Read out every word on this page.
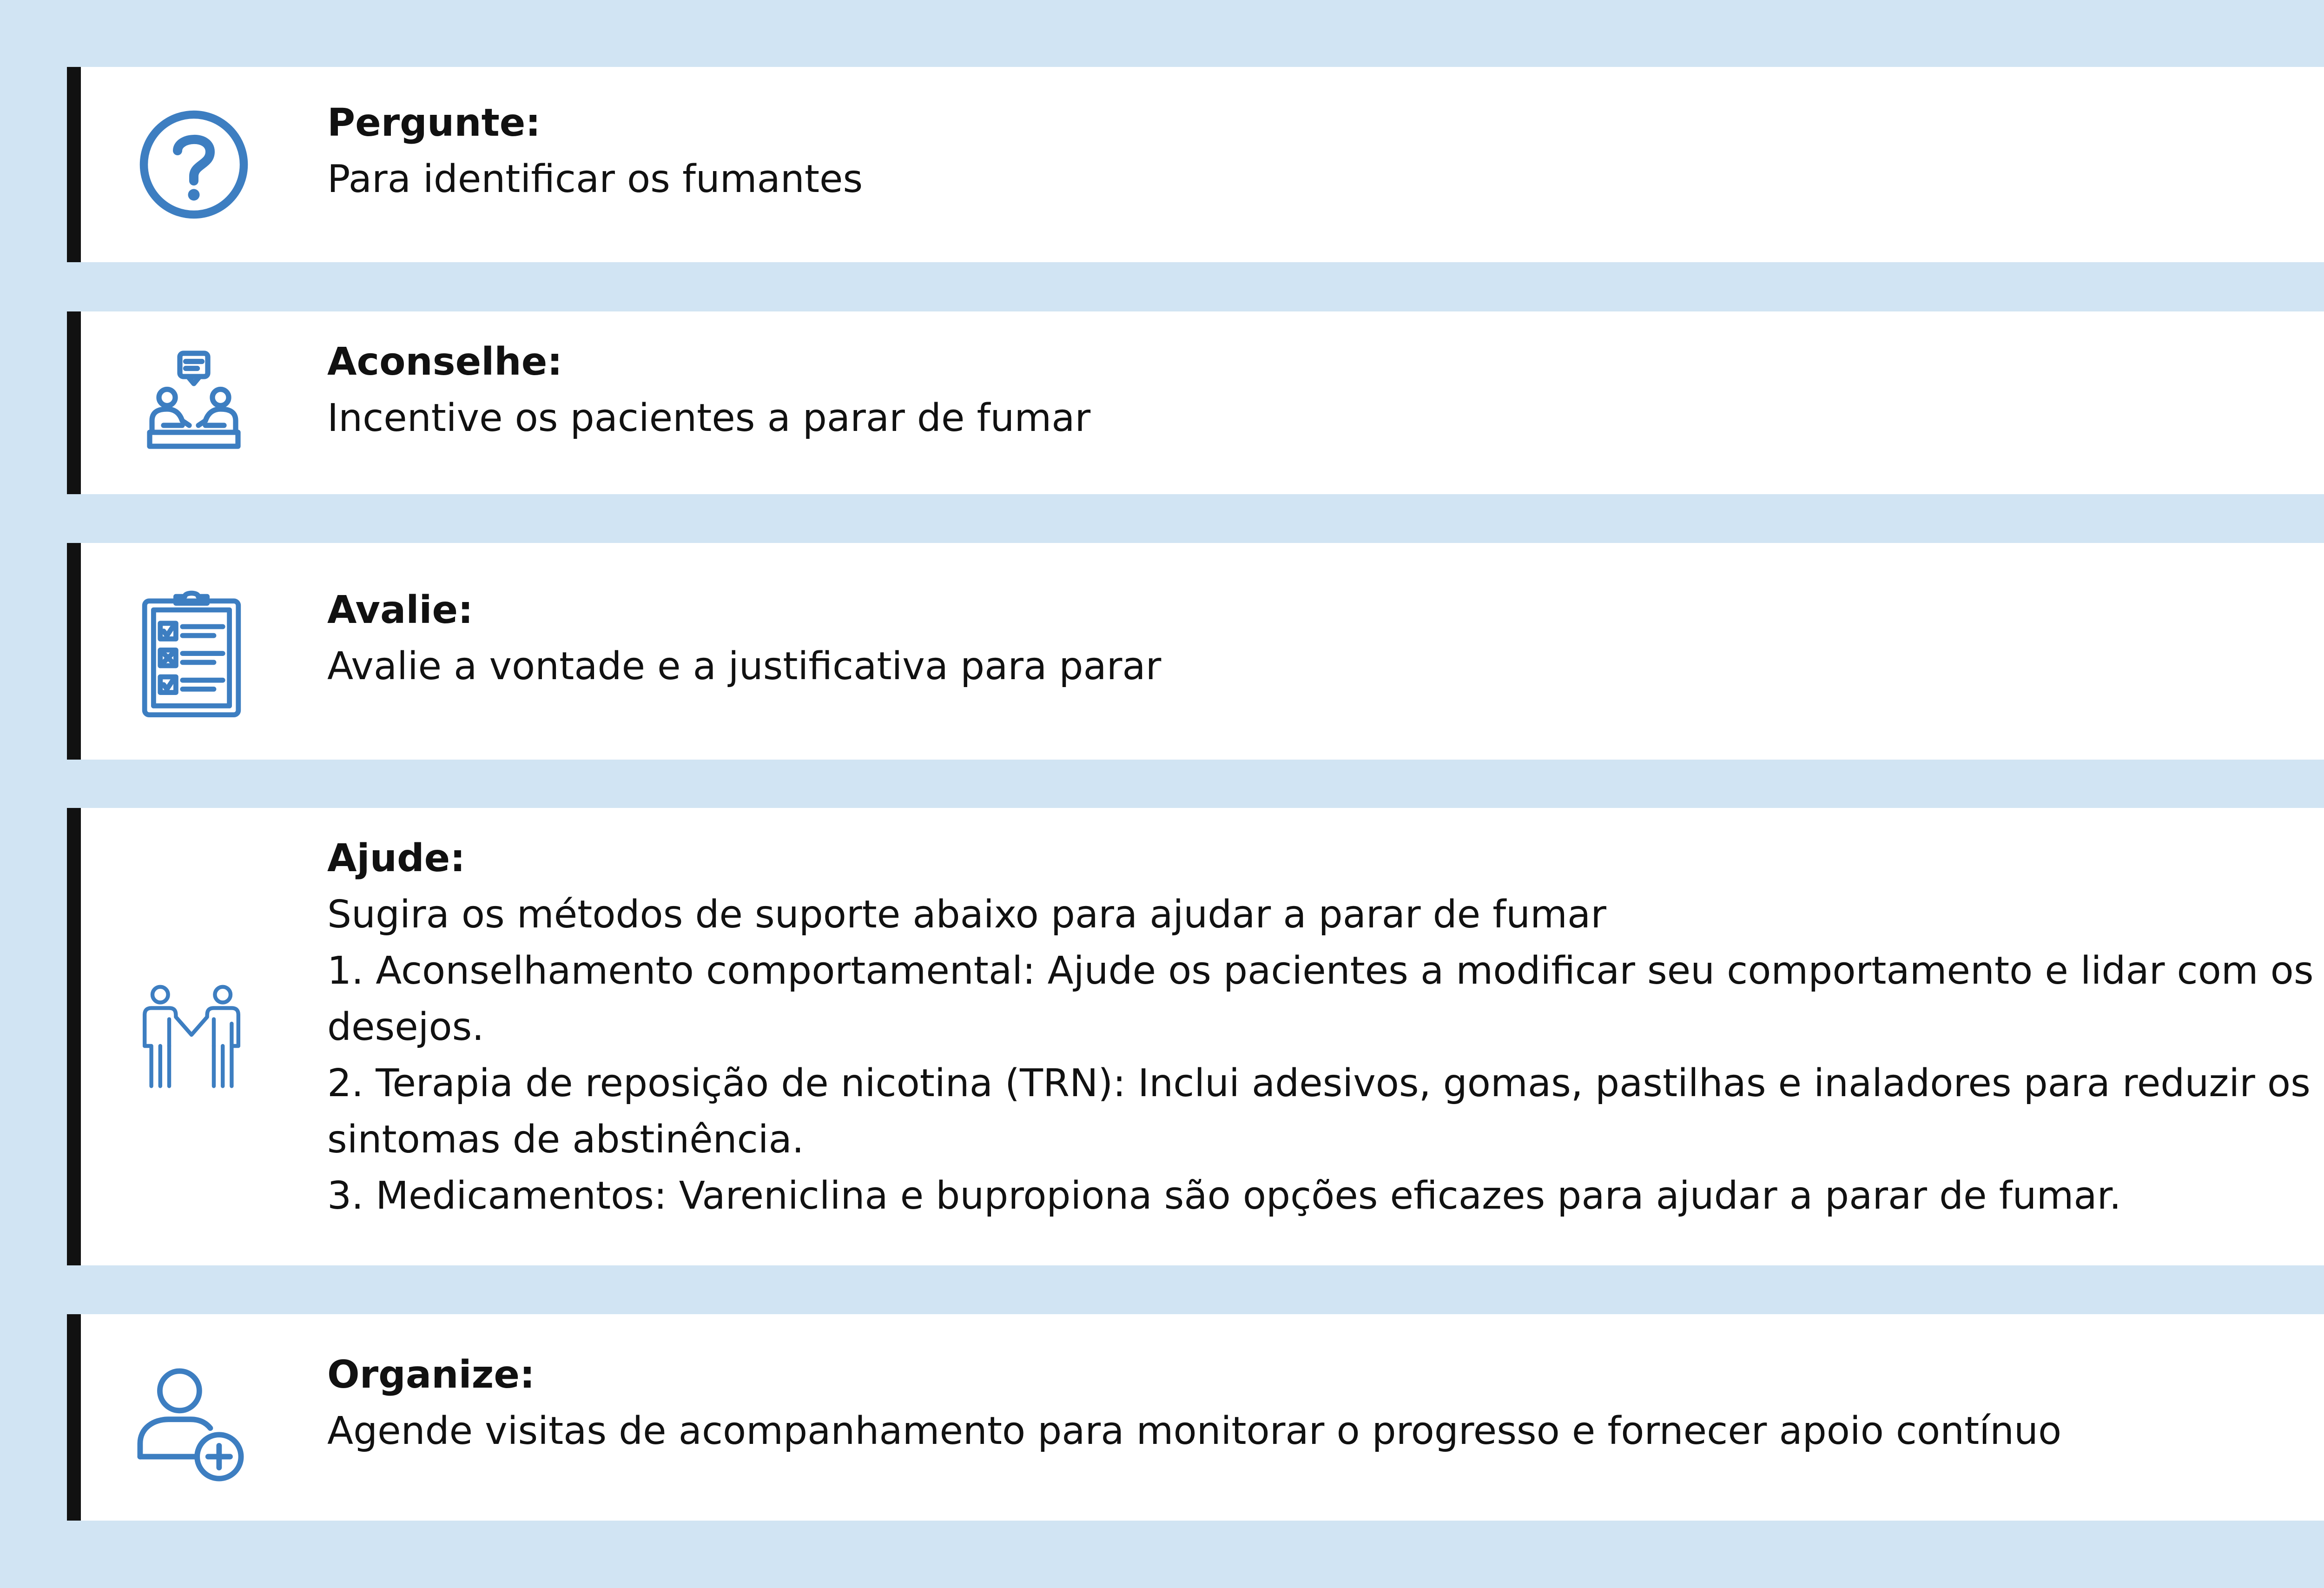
Pergunte:
Para identificar os fumantes
Aconselhe:
Incentive os pacientes a parar de fumar
Avalie:
Avalie a vontade e a justificativa para parar
Ajude:
Sugira os métodos de suporte abaixo para ajudar a parar de fumar
1. Aconselhamento comportamental: Ajude os pacientes a modificar seu comportamento e lidar com os
desejos.
2. Terapia de reposição de nicotina (TRN): Inclui adesivos, gomas, pastilhas e inaladores para reduzir os
sintomas de abstinência.
3. Medicamentos: Vareniclina e bupropiona são opções eficazes para ajudar a parar de fumar.
Organize:
Agende visitas de acompanhamento para monitorar o progresso e fornecer apoio contínuo
